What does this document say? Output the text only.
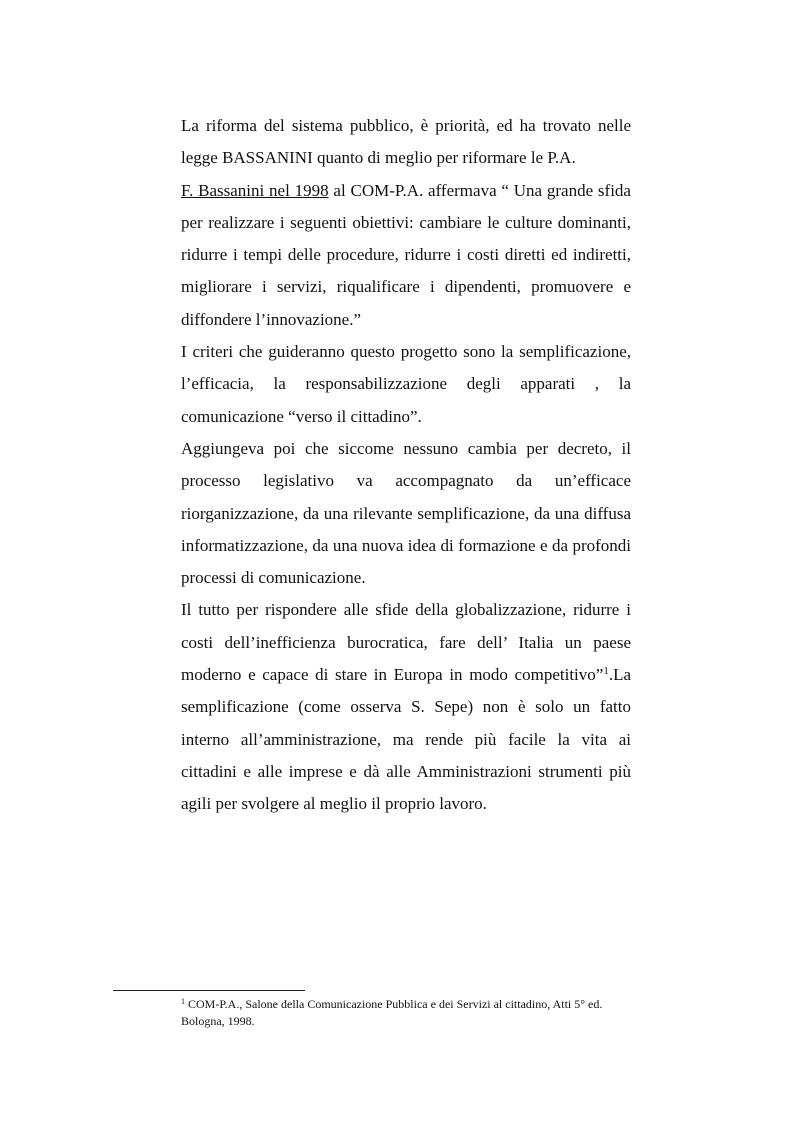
La riforma del sistema pubblico, è priorità, ed ha trovato nelle legge BASSANINI quanto di meglio per riformare le P.A.

F. Bassanini nel 1998 al COM-P.A. affermava “ Una grande sfida per realizzare i seguenti obiettivi: cambiare le culture dominanti, ridurre i tempi delle procedure, ridurre i costi diretti ed indiretti, migliorare i servizi, riqualificare i dipendenti, promuovere e diffondere l’innovazione.”

I criteri che guideranno questo progetto sono la semplificazione, l’efficacia, la responsabilizzazione degli apparati , la comunicazione “verso il cittadino”.

Aggiungeva poi che siccome nessuno cambia per decreto, il processo legislativo va accompagnato da un’efficace riorganizzazione, da una rilevante semplificazione, da una diffusa informatizzazione, da una nuova idea di formazione e da profondi processi di comunicazione.

Il tutto per rispondere alle sfide della globalizzazione, ridurre i costi dell’inefficienza burocratica, fare dell’ Italia un paese moderno e capace di stare in Europa in modo competitivo”$^1$.La semplificazione (come osserva S. Sepe) non è solo un fatto interno all’amministrazione, ma rende più facile la vita ai cittadini e alle imprese e dà alle Amministrazioni strumenti più agili per svolgere al meglio il proprio lavoro.

$^1$ COM-P.A., Salone della Comunicazione Pubblica e dei Servizi al cittadino, Atti 5° ed. Bologna, 1998.
